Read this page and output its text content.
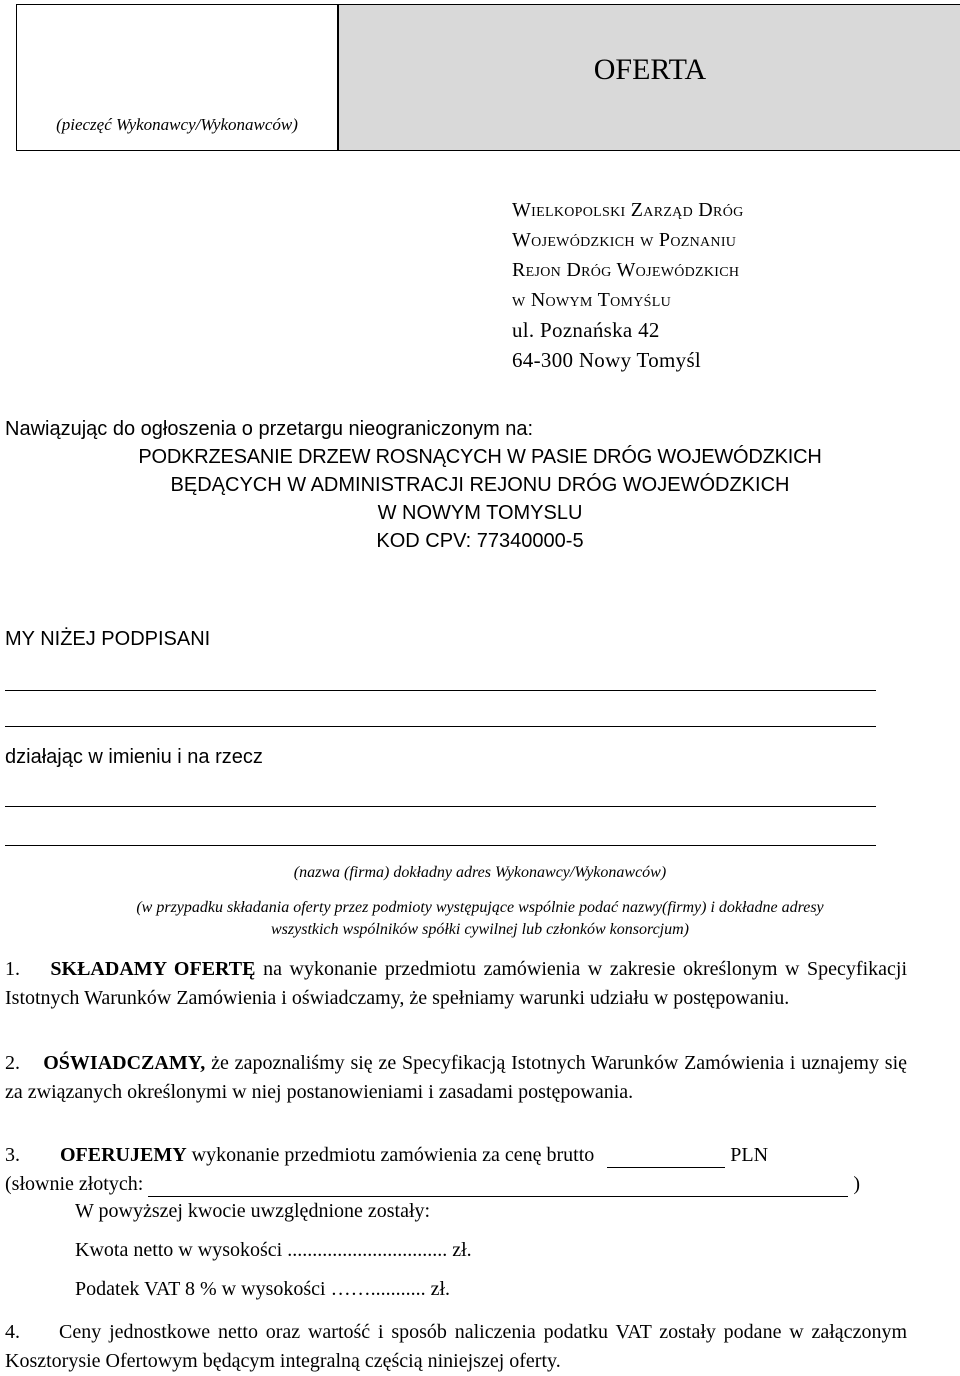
(pieczęć Wykonawcy/Wykonawców)
OFERTA
Wielkopolski Zarząd Dróg
Wojewódzkich w Poznaniu
Rejon Dróg Wojewódzkich
w Nowym Tomyślu
ul. Poznańska 42
64-300 Nowy Tomyśl
Nawiązując do ogłoszenia o przetargu nieograniczonym na:
PODKRZESANIE DRZEW ROSNĄCYCH W PASIE DRÓG WOJEWÓDZKICH
BĘDĄCYCH W ADMINISTRACJI REJONU DRÓG WOJEWÓDZKICH
W NOWYM TOMYSLU
KOD CPV: 77340000-5
MY NIŻEJ PODPISANI
działając w imieniu i na rzecz
(nazwa (firma) dokładny adres Wykonawcy/Wykonawców)
(w przypadku składania oferty przez podmioty występujące wspólnie podać nazwy(firmy) i dokładne adresy
wszystkich wspólników spółki cywilnej lub członków konsorcjum)
1. SKŁADAMY OFERTĘ na wykonanie przedmiotu zamówienia w zakresie określonym w Specyfikacji Istotnych Warunków Zamówienia i oświadczamy, że spełniamy warunki udziału w postępowaniu.
2. OŚWIADCZAMY, że zapoznaliśmy się ze Specyfikacją Istotnych Warunków Zamówienia i uznajemy się za związanych określonymi w niej postanowieniami i zasadami postępowania.
3. OFERUJEMY wykonanie przedmiotu zamówienia za cenę brutto	PLN
(słownie złotych:	)
W powyższej kwocie uwzględnione zostały:
Kwota netto w wysokości ................................ zł.
Podatek VAT 8 % w wysokości ……........... zł.
4. Ceny jednostkowe netto oraz wartość i sposób naliczenia podatku VAT zostały podane w załączonym Kosztorysie Ofertowym będącym integralną częścią niniejszej oferty.
